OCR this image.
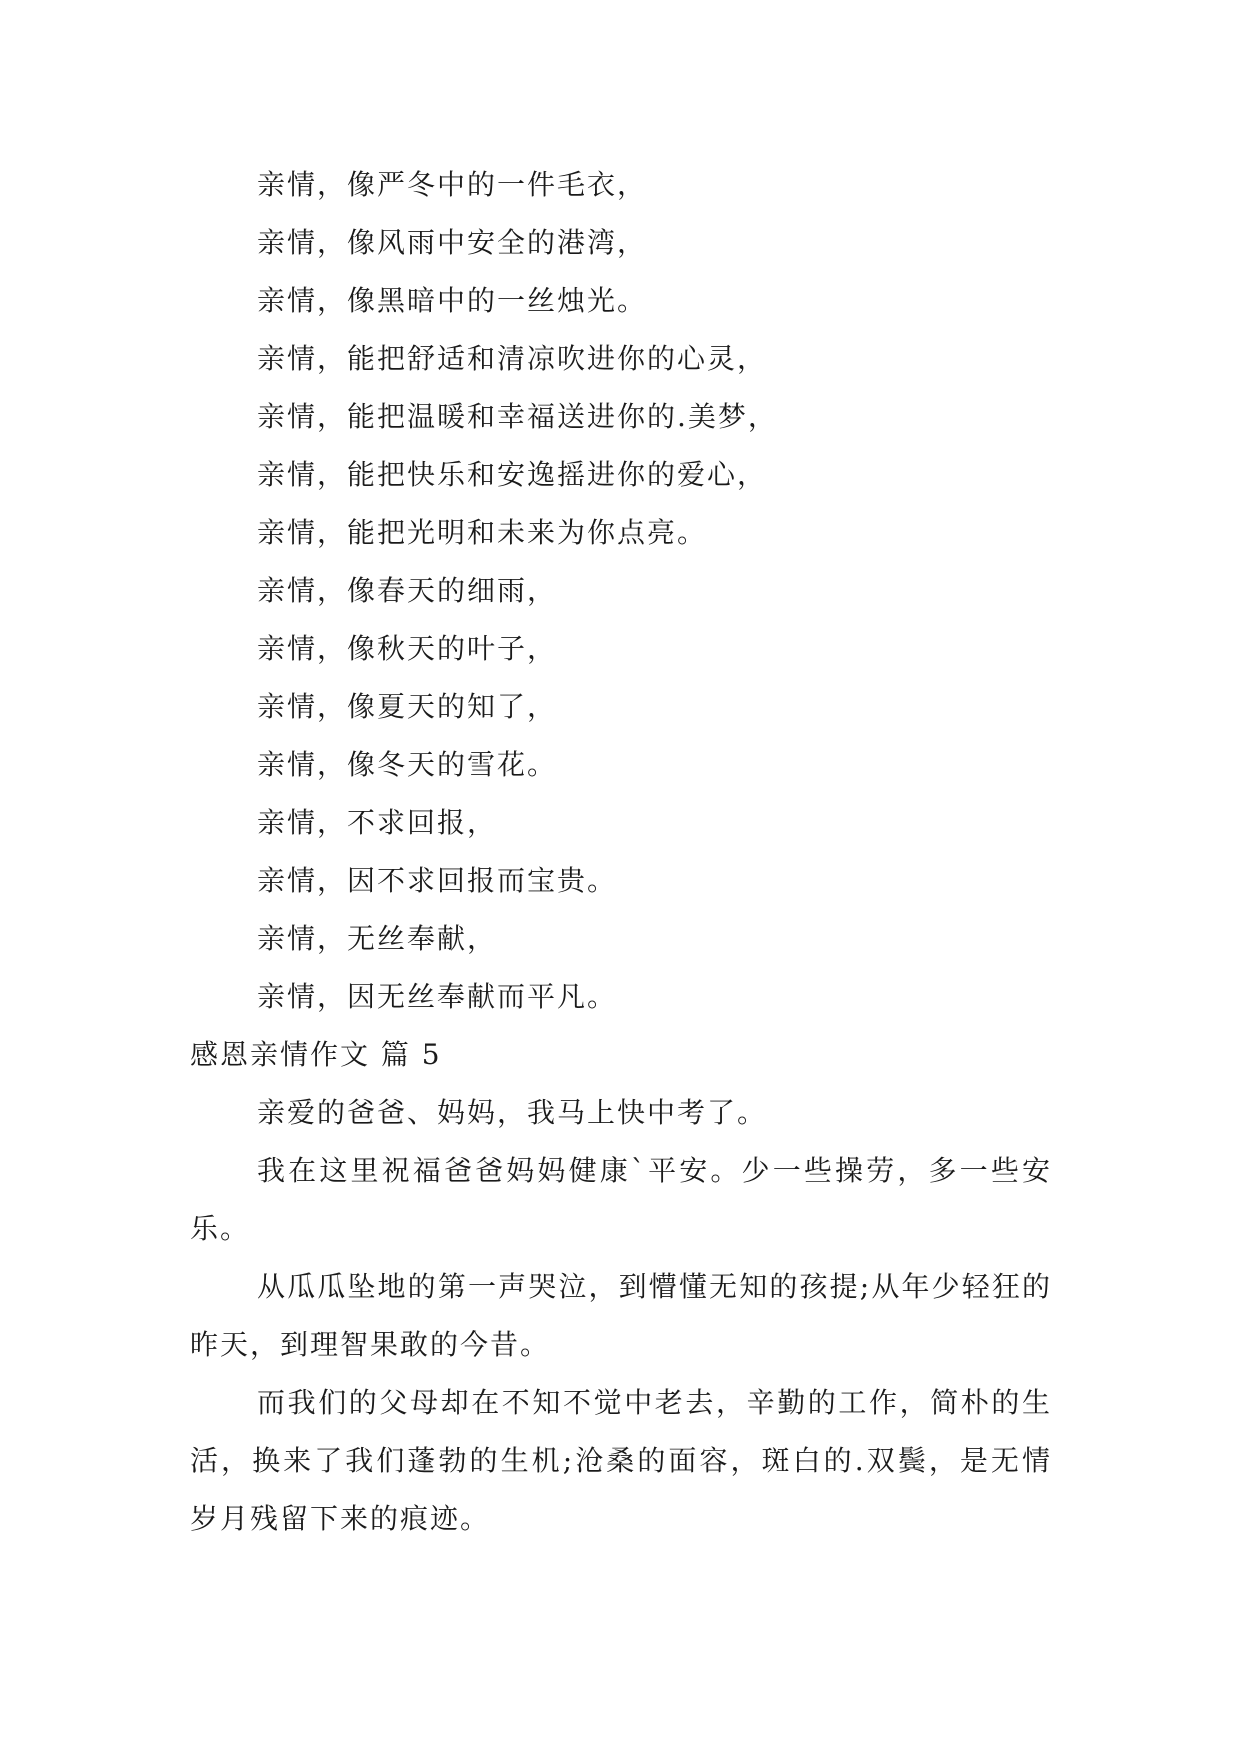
亲情，像严冬中的一件毛衣，
亲情，像风雨中安全的港湾，
亲情，像黑暗中的一丝烛光。
亲情，能把舒适和清凉吹进你的心灵，
亲情，能把温暖和幸福送进你的.美梦，
亲情，能把快乐和安逸摇进你的爱心，
亲情，能把光明和未来为你点亮。
亲情，像春天的细雨，
亲情，像秋天的叶子，
亲情，像夏天的知了，
亲情，像冬天的雪花。
亲情，不求回报，
亲情，因不求回报而宝贵。
亲情，无丝奉献，
亲情，因无丝奉献而平凡。
感恩亲情作文 篇 5

亲爱的爸爸、妈妈，我马上快中考了。

我在这里祝福爸爸妈妈健康`平安。少一些操劳，多一些安乐。

从瓜瓜坠地的第一声哭泣，到懵懂无知的孩提;从年少轻狂的昨天，到理智果敢的今昔。

而我们的父母却在不知不觉中老去，辛勤的工作，简朴的生活，换来了我们蓬勃的生机;沧桑的面容，斑白的.双鬓，是无情岁月残留下来的痕迹。
